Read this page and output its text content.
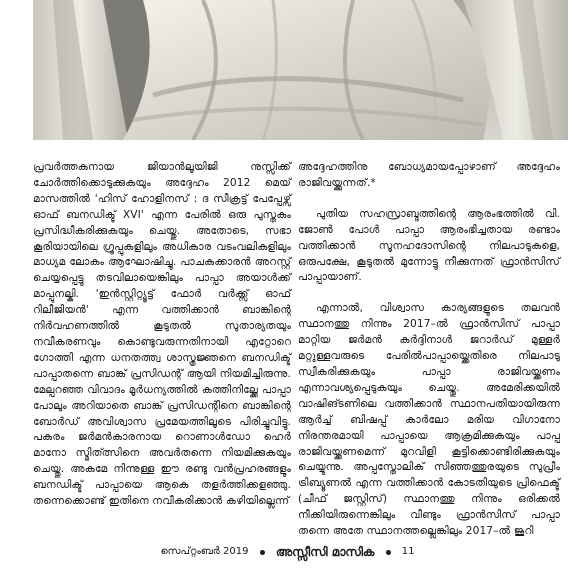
പ്രവർത്തകനായ ജിയാൻലൂയിജി നുസ്സിക്ക് ചോർത്തിക്കൊടുക്കുകയും അദ്ദേഹം 2012 മെയ് മാസത്തിൽ 'ഹിസ് ഹോളിനസ് : ദ സീക്രട്ട് പേപ്പേഴ്സ് ഓഫ് ബനഡിക്ട് XVI' എന്ന പേരിൽ ഒരു പുസ്തകം പ്രസിദ്ധീകരിക്കുകയും ചെയ്തു. അതോടെ, സഭാ കൂരിയായിലെ ഗ്രൂപ്പുകളിലും അധികാര വടംവലികളിലും മാധ്യമ ലോകം ആഘോഷിച്ചു. പാചകക്കാരൻ അറസ്റ്റ് ചെയ്യപ്പെട്ടു തടവിലായെങ്കിലും പാപ്പാ അയാൾക്ക് മാപ്പുനല്കി. 'ഇൻസ്റ്റിറ്റ്യൂട്ട് ഫോർ വർക്ക്സ് ഓഫ് റിലീജിയൻ' എന്ന വത്തിക്കാൻ ബാങ്കിന്റെ നിർവഹണത്തിൽ കൂടുതൽ സുതാര്യതയും നവീകരണവും കൊണ്ടുവരുന്നതിനായി എറ്റോറെ ഗോത്തി എന്ന ധനതത്ത്വ ശാസ്ത്രജ്ഞനെ ബനഡിക്ട് പാപ്പാതന്നെ ബാങ്ക് പ്രസിഡന്റ് ആയി നിയമിച്ചിരുന്നു. മേല്പറഞ്ഞ വിവാദം മൂർധന്യത്തിൽ കത്തിനില്ക്കേ പാപ്പാ പോലും അറിയാതെ ബാങ്ക് പ്രസിഡന്റിനെ ബാങ്കിന്റെ ബോർഡ് അവിശ്വാസ പ്രമേയത്തിലൂടെ പിരിച്ചുവിട്ടു. പകരം ജർമൻകാരനായ റൊണാൾഡോ ഹെർ മാനോ സ്മിത്ത്സിനെ അവർതന്നെ നിയമിക്കുകയും ചെയ്തു. അകമേ നിന്നുള്ള ഈ രണ്ടു വൻപ്രഹരങ്ങളും ബനഡിക്ട് പാപ്പായെ ആകെ തളർത്തിക്കളഞ്ഞു. തന്നെക്കൊണ്ട് ഇതിനെ നവീകരിക്കാൻ കഴിയില്ലെന്ന്

അദ്ദേഹത്തിനു ബോധ്യമായപ്പോഴാണ് അദ്ദേഹം രാജിവയ്ക്കുന്നത്.*

പുതിയ സഹസ്രാബ്ദത്തിന്റെ ആരംഭത്തിൽ വി. ജോൺ പോൾ പാപ്പാ ആരംഭിച്ചതായ രണ്ടാം വത്തിക്കാൻ സൂനഹദോസിന്റെ നിലപാടുകളെ, ഒരുപക്ഷേ, കൂടുതൽ മുന്നോട്ടു നീക്കുന്നത് ഫ്രാൻസിസ് പാപ്പായാണ്.

എന്നാൽ, വിശ്വാസ കാര്യങ്ങളുടെ തലവൻ സ്ഥാനത്തു നിന്നും 2017–ൽ ഫ്രാൻസിസ് പാപ്പാ മാറ്റിയ ജർമൻ കർദ്ദിനാൾ ജറാർഡ് മുള്ളർ മറ്റുള്ളവരുടെ പേരിൽപാപ്പായ്ക്കെതിരെ നിലപാടു സ്വീകരിക്കുകയും പാപ്പാ രാജിവയ്ക്കണം എന്നാവശ്യപ്പെടുകയും ചെയ്തു. അമേരിക്കയിൽ വാഷിങ്ടണിലെ വത്തിക്കാൻ സ്ഥാനപതിയായിരുന്ന ആർച്ച് ബിഷപ്പ് കാർലോ മരിയ വിഗാനോ നിരന്തരമായി പാപ്പായെ ആക്രമിക്കുകയും പാപ്പ രാജിവയ്ക്കണമെന്ന് മുറവിളി കൂട്ടിക്കൊണ്ടിരിക്കുകയും ചെയ്യുന്നു. അപ്പസ്തോലിക് സിഞ്ഞത്തുരയുടെ സുപ്രീം ട്രിബ്യൂണൽ എന്ന വത്തിക്കാൻ കോടതിയുടെ പ്രിഫെക്ട് (ചീഫ് ജസ്റ്റിസ്) സ്ഥാനത്തു നിന്നും ഒരിക്കൽ നീക്കിയിരുന്നെങ്കിലും വീണ്ടും ഫ്രാൻസിസ് പാപ്പാ തന്നെ അതേ സ്ഥാനത്തല്ലെങ്കിലും 2017–ൽ ജൂറി

സെപ്റ്റംബർ 2019 അസ്സീസി മാസിക	11
